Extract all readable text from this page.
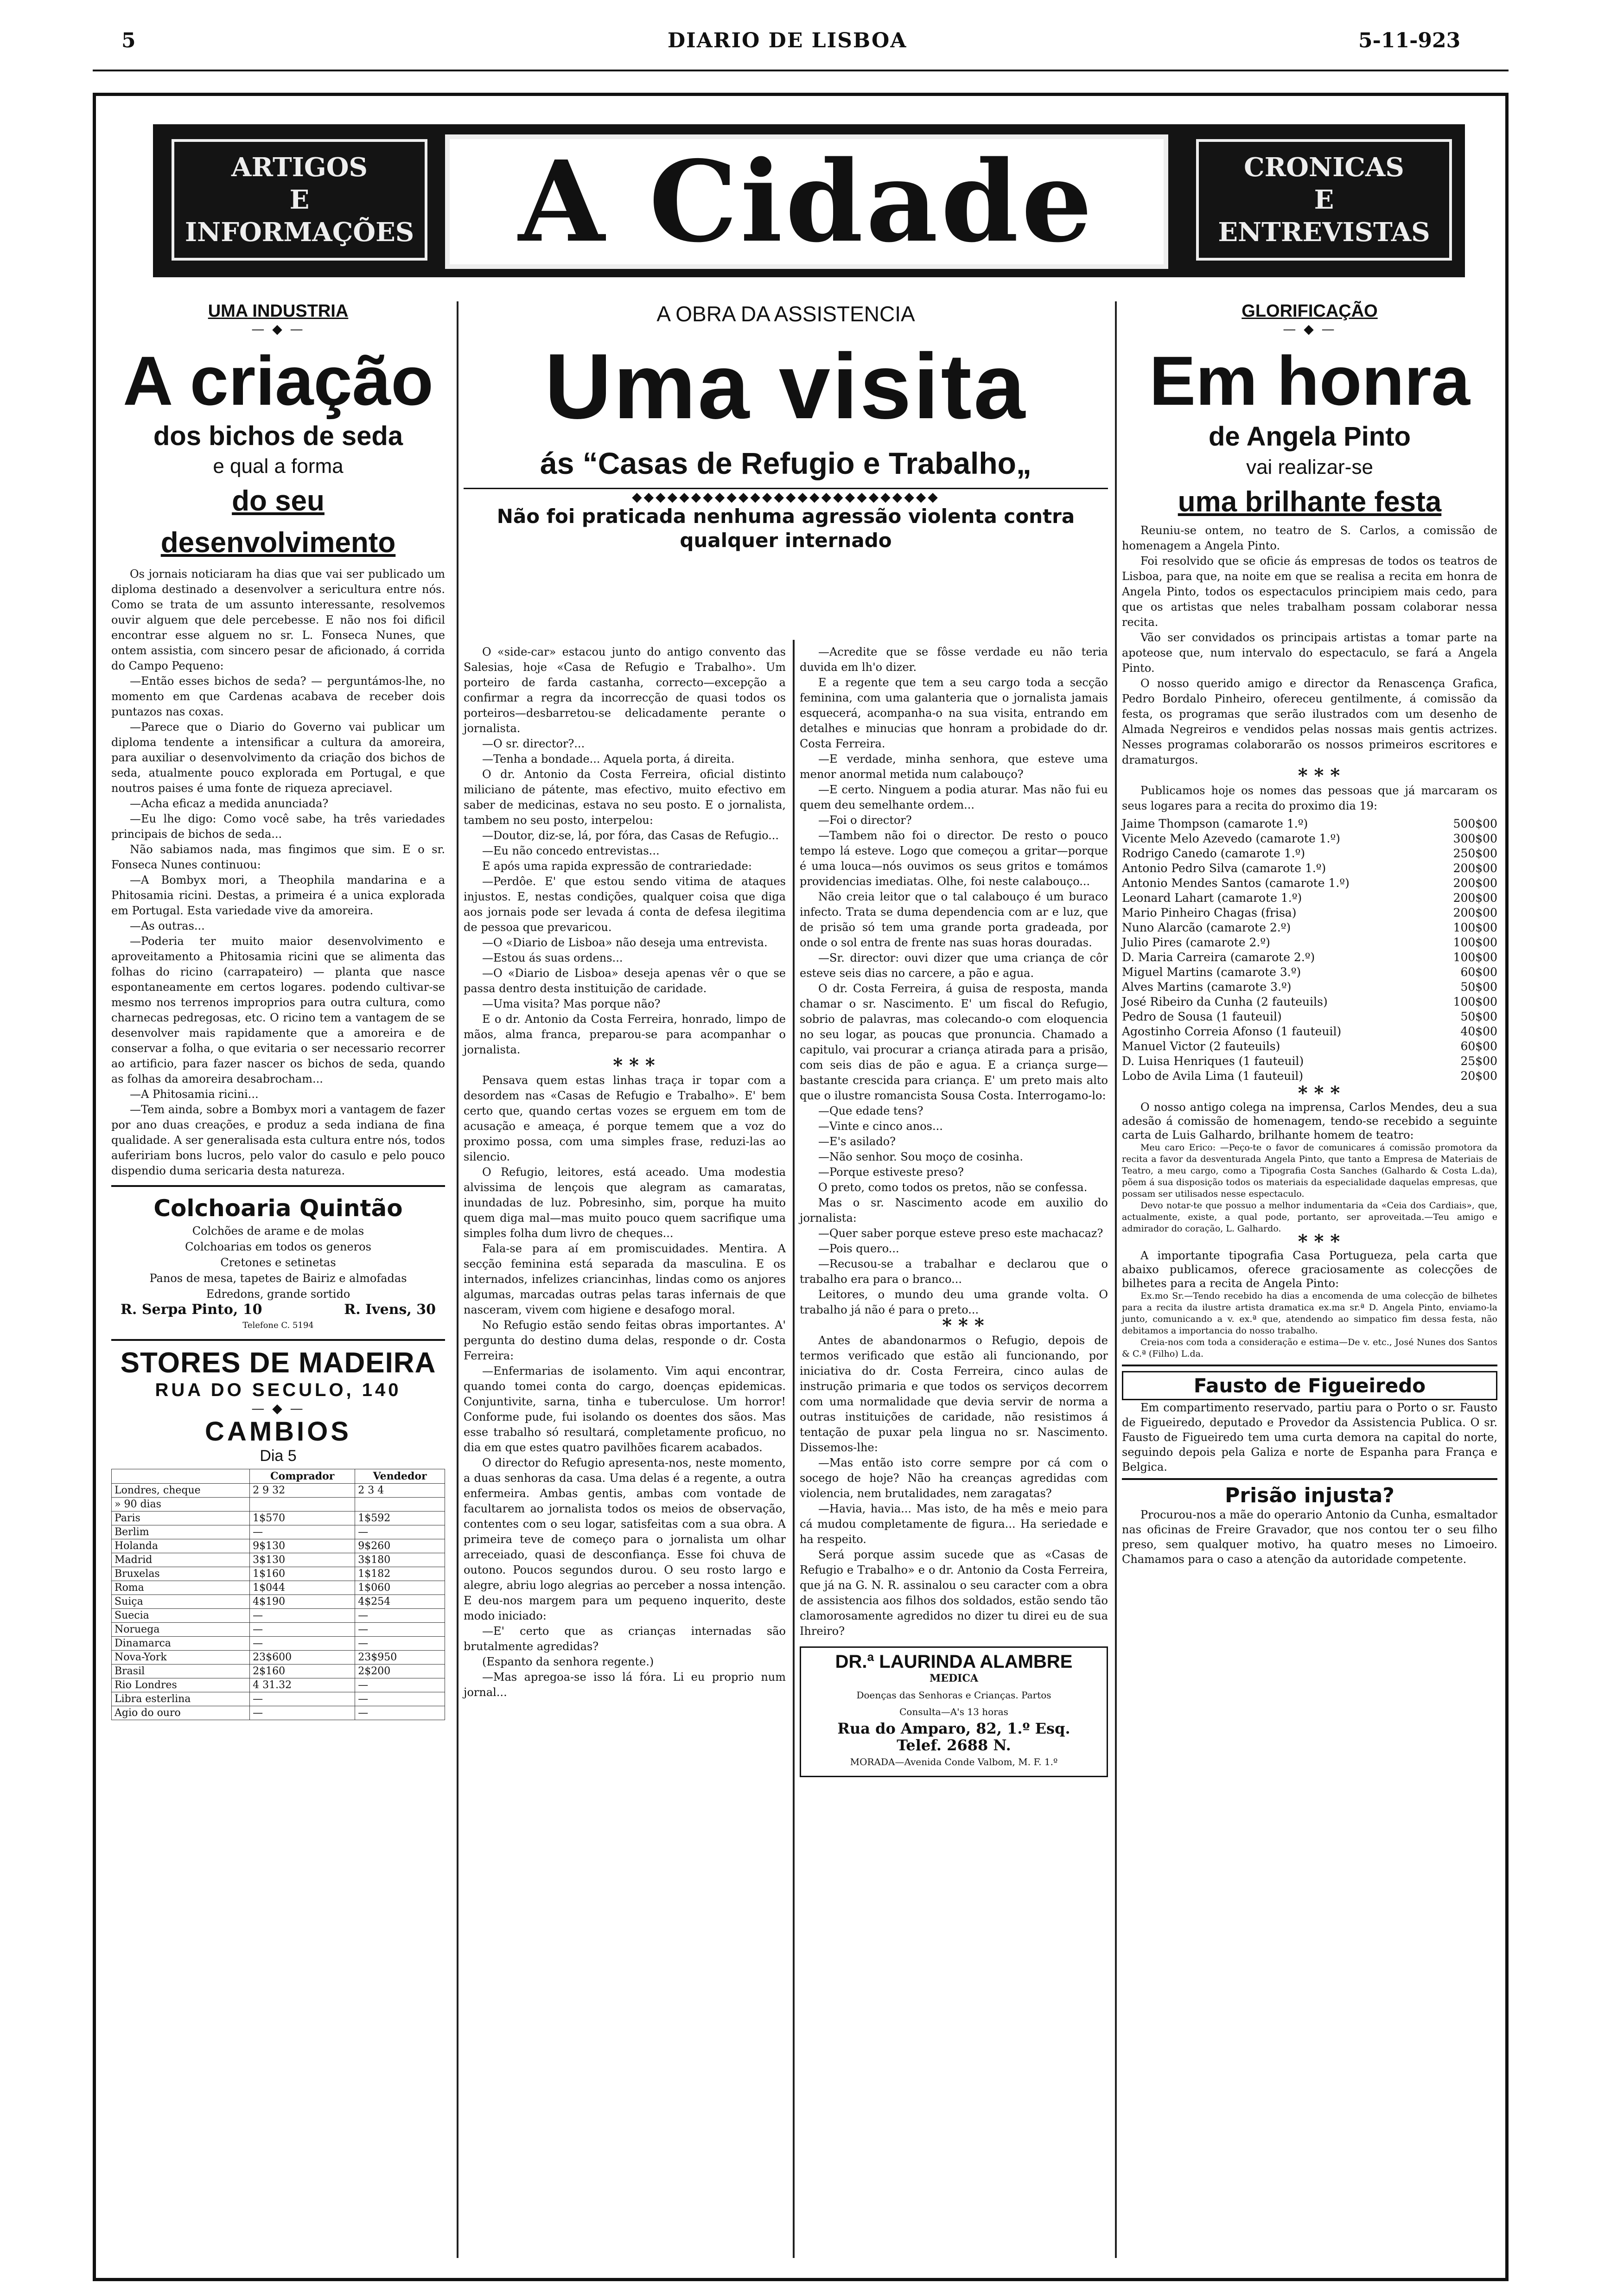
5	DIARIO DE LISBOA	5-11-923
ARTIGOS
E
INFORMAÇÕES A Cidade	CRONICAS
E
ENTREVISTAS
UMA INDUSTRIA
— ◆ —
A criação
dos bichos de seda
e qual a forma
do seu desenvolvimento

Os jornais noticiaram ha dias que vai ser publicado um diploma destinado a desenvolver a sericultura entre nós. Como se trata de um assunto interessante, resolvemos ouvir alguem que dele percebesse. E não nos foi dificil encontrar esse alguem no sr. L. Fonseca Nunes, que ontem assistia, com sincero pesar de aficionado, á corrida do Campo Pequeno:

—Então esses bichos de seda? — perguntámos-lhe, no momento em que Cardenas acabava de receber dois puntazos nas coxas.

—Parece que o Diario do Governo vai publicar um diploma tendente a intensificar a cultura da amoreira, para auxiliar o desenvolvimento da criação dos bichos de seda, atualmente pouco explorada em Portugal, e que noutros paises é uma fonte de riqueza apreciavel.

—Acha eficaz a medida anunciada?

—Eu lhe digo: Como você sabe, ha três variedades principais de bichos de seda...

Não sabiamos nada, mas fingimos que sim. E o sr. Fonseca Nunes continuou:

—A Bombyx mori, a Theophila mandarina e a Phitosamia ricini. Destas, a primeira é a unica explorada em Portugal. Esta variedade vive da amoreira.

—As outras...

—Poderia ter muito maior desenvolvimento e aproveitamento a Phitosamia ricini que se alimenta das folhas do ricino (carrapateiro) — planta que nasce espontaneamente em certos logares. podendo cultivar-se mesmo nos terrenos improprios para outra cultura, como charnecas pedregosas, etc. O ricino tem a vantagem de se desenvolver mais rapidamente que a amoreira e de conservar a folha, o que evitaria o ser necessario recorrer ao artificio, para fazer nascer os bichos de seda, quando as folhas da amoreira desabrocham...

—A Phitosamia ricini...

—Tem ainda, sobre a Bombyx mori a vantagem de fazer por ano duas creações, e produz a seda indiana de fina qualidade. A ser generalisada esta cultura entre nós, todos aufeririam bons lucros, pelo valor do casulo e pelo pouco dispendio duma sericaria desta natureza.

Colchoaria Quintão
Colchões de arame e de molas
Colchoarias em todos os generos
Cretones e setinetas
Panos de mesa, tapetes de Bairiz e almofadas
Edredons, grande sortido
R. Serpa Pinto, 10	R. Ivens, 30
Telefone C. 5194
STORES DE MADEIRA
RUA DO SECULO, 140
— ◆ —
CAMBIOS
Dia 5
	Comprador	Vendedor
Londres, cheque	2 9 32	2 3 4
» 90 dias		
Paris	1$570	1$592
Berlim	—	—
Holanda	9$130	9$260
Madrid	3$130	3$180
Bruxelas	1$160	1$182
Roma	1$044	1$060
Suiça	4$190	4$254
Suecia	—	—
Noruega	—	—
Dinamarca	—	—
Nova-York	23$600	23$950
Brasil	2$160	2$200
Rio Londres	4 31.32	—
Libra esterlina	—	—
Agio do ouro	—	—
A OBRA DA ASSISTENCIA
Uma visita
ás “Casas de Refugio e Trabalho„
◆◆◆◆◆◆◆◆◆◆◆◆◆◆◆◆◆◆◆◆◆◆◆◆◆◆
Não foi praticada nenhuma agressão violenta contra qualquer internado

O «side-car» estacou junto do antigo convento das Salesias, hoje «Casa de Refugio e Trabalho». Um porteiro de farda castanha, correcto—excepção a confirmar a regra da incorrecção de quasi todos os porteiros—desbarretou-se delicadamente perante o jornalista.

—O sr. director?...

—Tenha a bondade... Aquela porta, á direita.

O dr. Antonio da Costa Ferreira, oficial distinto miliciano de pátente, mas efectivo, muito efectivo em saber de medicinas, estava no seu posto. E o jornalista, tambem no seu posto, interpelou:

—Doutor, diz-se, lá, por fóra, das Casas de Refugio...

—Eu não concedo entrevistas...

E após uma rapida expressão de contrariedade:

—Perdôe. E' que estou sendo vitima de ataques injustos. E, nestas condições, qualquer coisa que diga aos jornais pode ser levada á conta de defesa ilegitima de pessoa que prevaricou.

—O «Diario de Lisboa» não deseja uma entrevista.

—Estou ás suas ordens...

—O «Diario de Lisboa» deseja apenas vêr o que se passa dentro desta instituição de caridade.

—Uma visita? Mas porque não?

E o dr. Antonio da Costa Ferreira, honrado, limpo de mãos, alma franca, preparou-se para acompanhar o jornalista.

* * *

Pensava quem estas linhas traça ir topar com a desordem nas «Casas de Refugio e Trabalho». E' bem certo que, quando certas vozes se erguem em tom de acusação e ameaça, é porque temem que a voz do proximo possa, com uma simples frase, reduzi-las ao silencio.

O Refugio, leitores, está aceado. Uma modestia alvissima de lençois que alegram as camaratas, inundadas de luz. Pobresinho, sim, porque ha muito quem diga mal—mas muito pouco quem sacrifique uma simples folha dum livro de cheques...

Fala-se para aí em promiscuidades. Mentira. A secção feminina está separada da masculina. E os internados, infelizes criancinhas, lindas como os anjores algumas, marcadas outras pelas taras infernais de que nasceram, vivem com higiene e desafogo moral.

No Refugio estão sendo feitas obras importantes. A' pergunta do destino duma delas, responde o dr. Costa Ferreira:

—Enfermarias de isolamento. Vim aqui encontrar, quando tomei conta do cargo, doenças epidemicas. Conjuntivite, sarna, tinha e tuberculose. Um horror! Conforme pude, fui isolando os doentes dos sãos. Mas esse trabalho só resultará, completamente proficuo, no dia em que estes quatro pavilhões ficarem acabados.

O director do Refugio apresenta-nos, neste momento, a duas senhoras da casa. Uma delas é a regente, a outra enfermeira. Ambas gentis, ambas com vontade de facultarem ao jornalista todos os meios de observação, contentes com o seu logar, satisfeitas com a sua obra. A primeira teve de começo para o jornalista um olhar arreceiado, quasi de desconfiança. Esse foi chuva de outono. Poucos segundos durou. O seu rosto largo e alegre, abriu logo alegrias ao perceber a nossa intenção. E deu-nos margem para um pequeno inquerito, deste modo iniciado:

—E' certo que as crianças internadas são brutalmente agredidas?

(Espanto da senhora regente.)

—Mas apregoa-se isso lá fóra. Li eu proprio num jornal...

—Acredite que se fôsse verdade eu não teria duvida em lh'o dizer.

E a regente que tem a seu cargo toda a secção feminina, com uma galanteria que o jornalista jamais esquecerá, acompanha-o na sua visita, entrando em detalhes e minucias que honram a probidade do dr. Costa Ferreira.

—E verdade, minha senhora, que esteve uma menor anormal metida num calabouço?

—E certo. Ninguem a podia aturar. Mas não fui eu quem deu semelhante ordem...

—Foi o director?

—Tambem não foi o director. De resto o pouco tempo lá esteve. Logo que começou a gritar—porque é uma louca—nós ouvimos os seus gritos e tomámos providencias imediatas. Olhe, foi neste calabouço...

Não creia leitor que o tal calabouço é um buraco infecto. Trata se duma dependencia com ar e luz, que de prisão só tem uma grande porta gradeada, por onde o sol entra de frente nas suas horas douradas.

—Sr. director: ouvi dizer que uma criança de côr esteve seis dias no carcere, a pão e agua.

O dr. Costa Ferreira, á guisa de resposta, manda chamar o sr. Nascimento. E' um fiscal do Refugio, sobrio de palavras, mas colecando-o com eloquencia no seu logar, as poucas que pronuncia. Chamado a capitulo, vai procurar a criança atirada para a prisão, com seis dias de pão e agua. E a criança surge—bastante crescida para criança. E' um preto mais alto que o ilustre romancista Sousa Costa. Interrogamo-lo:

—Que edade tens?

—Vinte e cinco anos...

—E's asilado?

—Não senhor. Sou moço de cosinha.

—Porque estiveste preso?

O preto, como todos os pretos, não se confessa.

Mas o sr. Nascimento acode em auxilio do jornalista:

—Quer saber porque esteve preso este machacaz?

—Pois quero...

—Recusou-se a trabalhar e declarou que o trabalho era para o branco...

Leitores, o mundo deu uma grande volta. O trabalho já não é para o preto...

* * *

Antes de abandonarmos o Refugio, depois de termos verificado que estão ali funcionando, por iniciativa do dr. Costa Ferreira, cinco aulas de instrução primaria e que todos os serviços decorrem com uma normalidade que devia servir de norma a outras instituições de caridade, não resistimos á tentação de puxar pela lingua no sr. Nascimento. Dissemos-lhe:

—Mas então isto corre sempre por cá com o socego de hoje? Não ha creanças agredidas com violencia, nem brutalidades, nem zaragatas?

—Havia, havia... Mas isto, de ha mês e meio para cá mudou completamente de figura... Ha seriedade e ha respeito.

Será porque assim sucede que as «Casas de Refugio e Trabalho» e o dr. Antonio da Costa Ferreira, que já na G. N. R. assinalou o seu caracter com a obra de assistencia aos filhos dos soldados, estão sendo tão clamorosamente agredidos no dizer tu direi eu de sua Ihreiro?

DR.ª LAURINDA ALAMBRE
MEDICA
Doenças das Senhoras e Crianças. Partos
Consulta—A's 13 horas
Rua do Amparo, 82, 1.º Esq.
Telef. 2688 N.
MORADA—Avenida Conde Valbom, M. F. 1.º
GLORIFICAÇÃO
— ◆ —
Em honra
de Angela Pinto
vai realizar-se
uma brilhante festa

Reuniu-se ontem, no teatro de S. Carlos, a comissão de homenagem a Angela Pinto.

Foi resolvido que se oficie ás empresas de todos os teatros de Lisboa, para que, na noite em que se realisa a recita em honra de Angela Pinto, todos os espectaculos principiem mais cedo, para que os artistas que neles trabalham possam colaborar nessa recita.

Vão ser convidados os principais artistas a tomar parte na apoteose que, num intervalo do espectaculo, se fará a Angela Pinto.

O nosso querido amigo e director da Renascença Grafica, Pedro Bordalo Pinheiro, ofereceu gentilmente, á comissão da festa, os programas que serão ilustrados com um desenho de Almada Negreiros e vendidos pelas nossas mais gentis actrizes. Nesses programas colaborarão os nossos primeiros escritores e dramaturgos.

* * *

Publicamos hoje os nomes das pessoas que já marcaram os seus logares para a recita do proximo dia 19:

Jaime Thompson (camarote 1.º)	500$00
Vicente Melo Azevedo (camarote 1.º)	300$00
Rodrigo Canedo (camarote 1.º)	250$00
Antonio Pedro Silva (camarote 1.º)	200$00
Antonio Mendes Santos (camarote 1.º)	200$00
Leonard Lahart (camarote 1.º)	200$00
Mario Pinheiro Chagas (frisa)	200$00
Nuno Alarcão (camarote 2.º)	100$00
Julio Pires (camarote 2.º)	100$00
D. Maria Carreira (camarote 2.º)	100$00
Miguel Martins (camarote 3.º)	60$00
Alves Martins (camarote 3.º)	50$00
José Ribeiro da Cunha (2 fauteuils)	100$00
Pedro de Sousa (1 fauteuil)	50$00
Agostinho Correia Afonso (1 fauteuil)	40$00
Manuel Victor (2 fauteuils)	60$00
D. Luisa Henriques (1 fauteuil)	25$00
Lobo de Avila Lima (1 fauteuil)	20$00

* * *

O nosso antigo colega na imprensa, Carlos Mendes, deu a sua adesão á comissão de homenagem, tendo-se recebido a seguinte carta de Luis Galhardo, brilhante homem de teatro:

Meu caro Erico: —Peço-te o favor de comunicares á comissão promotora da recita a favor da desventurada Angela Pinto, que tanto a Empresa de Materiais de Teatro, a meu cargo, como a Tipografia Costa Sanches (Galhardo & Costa L.da), põem á sua disposição todos os materiais da especialidade daquelas empresas, que possam ser utilisados nesse espectaculo.

Devo notar-te que possuo a melhor indumentaria da «Ceia dos Cardiais», que, actualmente, existe, a qual pode, portanto, ser aproveitada.—Teu amigo e admirador do coração, L. Galhardo.

* * *

A importante tipografia Casa Portugueza, pela carta que abaixo publicamos, oferece graciosamente as colecções de bilhetes para a recita de Angela Pinto:

Ex.mo Sr.—Tendo recebido ha dias a encomenda de uma colecção de bilhetes para a recita da ilustre artista dramatica ex.ma sr.ª D. Angela Pinto, enviamo-la junto, comunicando a v. ex.ª que, atendendo ao simpatico fim dessa festa, não debitamos a importancia do nosso trabalho.

Creia-nos com toda a consideração e estima—De v. etc., José Nunes dos Santos & C.ª (Filho) L.da.

Fausto de Figueiredo

Em compartimento reservado, partiu para o Porto o sr. Fausto de Figueiredo, deputado e Provedor da Assistencia Publica. O sr. Fausto de Figueiredo tem uma curta demora na capital do norte, seguindo depois pela Galiza e norte de Espanha para França e Belgica.

Prisão injusta?

Procurou-nos a mãe do operario Antonio da Cunha, esmaltador nas oficinas de Freire Gravador, que nos contou ter o seu filho preso, sem qualquer motivo, ha quatro meses no Limoeiro. Chamamos para o caso a atenção da autoridade competente.
